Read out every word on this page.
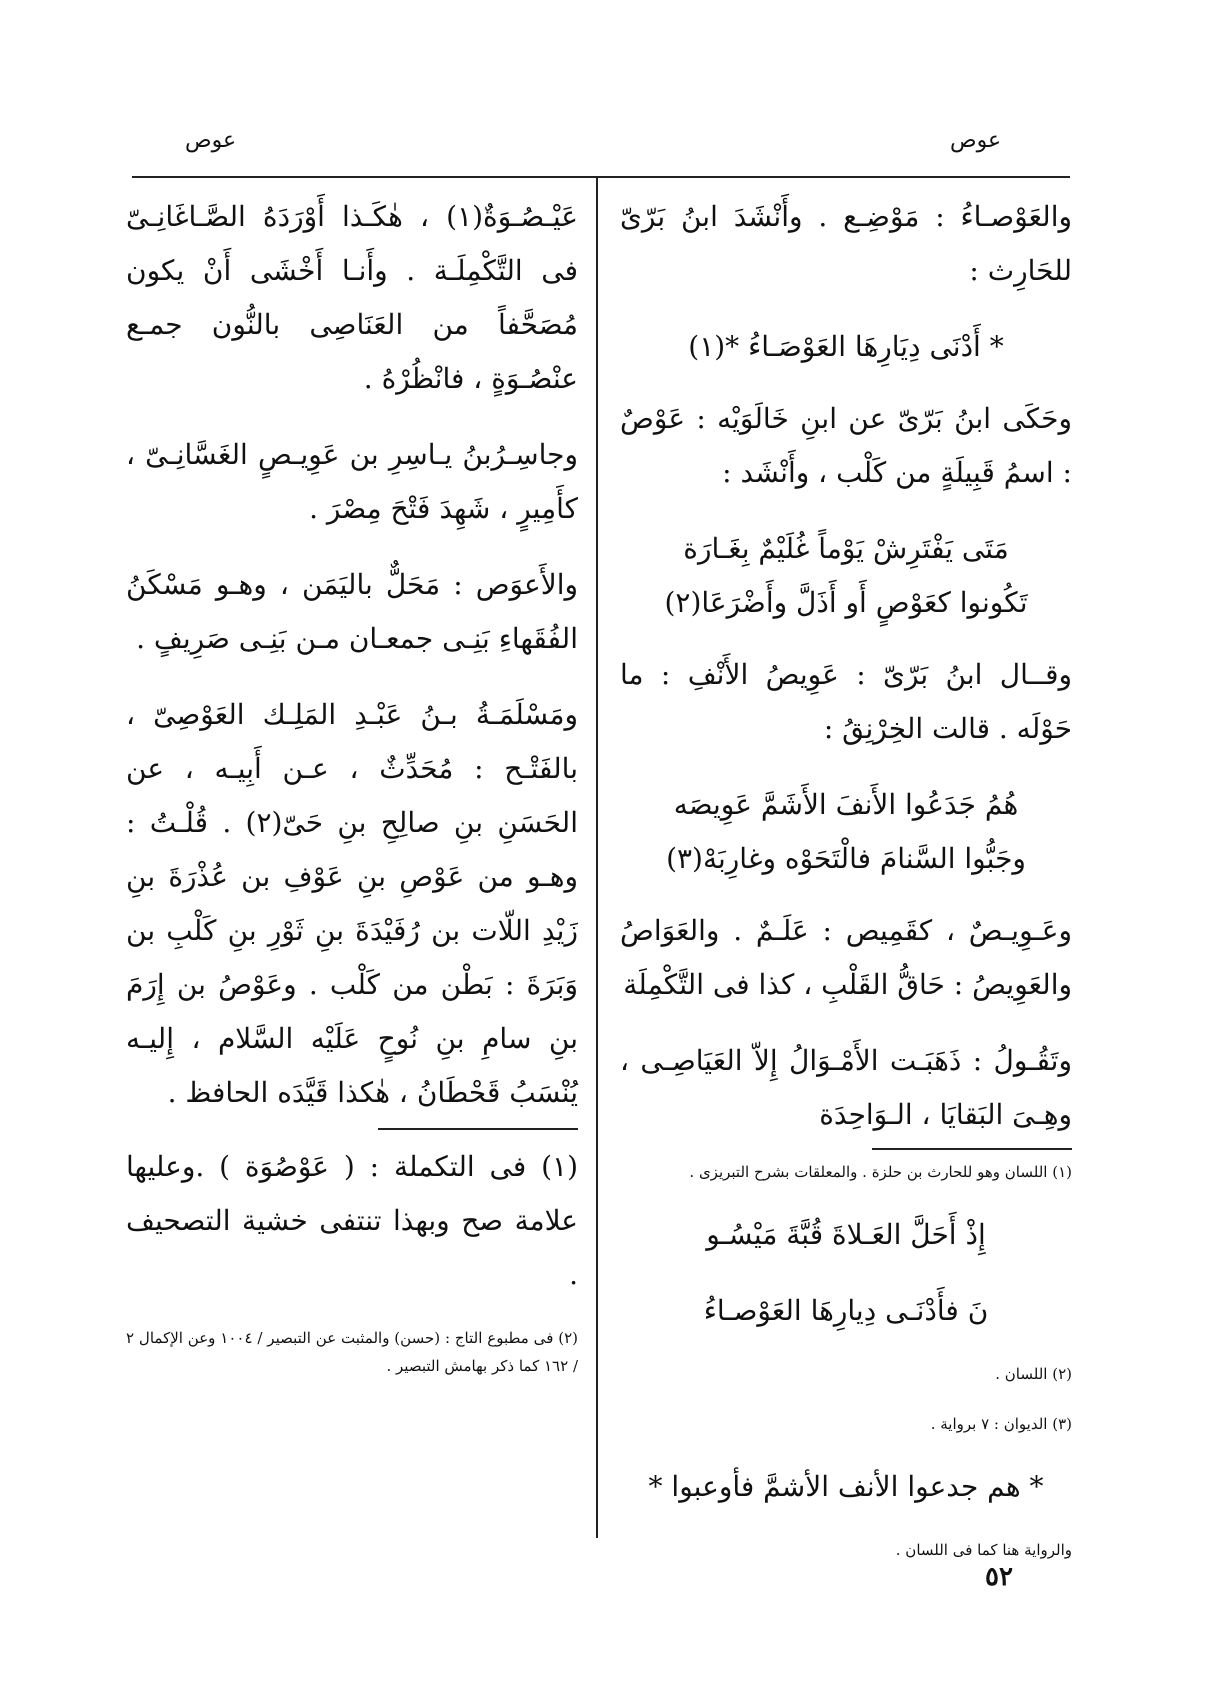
عوص
عوص

والعَوْصـاءُ : مَوْضِـع . وأَنْشَدَ ابنُ بَرّىّ للحَارِث :

* أَدْنَى دِيَارِهَا العَوْصَـاءُ *(١)

وحَكَى ابنُ بَرّىّ عن ابنِ خَالَوَيْه : عَوْصٌ : اسمُ قَبِيلَةٍ من كَلْب ، وأَنْشَد :

مَتَى يَفْتَرِشْ يَوْماً غُلَيْمٌ بِغَـارَة

تَكُونوا كعَوْصٍ أَو أَذَلَّ وأَضْرَعَا(٢)

وقــال ابنُ بَرّىّ : عَوِيصُ الأَنْفِ : ما حَوْلَه . قالت الخِرْنِقُ :

هُمُ جَدَعُوا الأَنفَ الأَشَمَّ عَوِيصَه

وجَبُّوا السَّنامَ فالْتَحَوْه وغارِبَهْ(٣)

وعَـوِيـصٌ ، كقَمِيص : عَلَـمٌ . والعَوَاصُ والعَوِيصُ : حَاقُّ القَلْبِ ، كذا فى التَّكْمِلَة

وتَقُـولُ : ذَهَبَـت الأَمْـوَالُ إِلاّ العَيَاصِـى ، وهِـىَ البَقايَا ، الـوَاحِدَة

(١) اللسان وهو للحارث بن حلزة . والمعلقات بشرح التبريزى .

إِذْ أَحَلَّ العَـلاةَ قُبَّةَ مَيْسُـو

نَ فأَدْنَـى دِيارِهَا العَوْصـاءُ

(٢) اللسان .

(٣) الديوان : ٧ برواية .

* هم جدعوا الأنف الأشمَّ فأوعبوا *

والرواية هنا كما فى اللسان .

عَيْـصُـوَةٌ(١) ، هٰكَـذا أَوْرَدَهُ الصَّـاغَانِـىّ فى التَّكْمِلَـة . وأَنـا أَخْشَى أَنْ يكون مُصَحَّفاً من العَنَاصِى بالنُّون جمـع عنْصُـوَةٍ ، فانْظُرْهُ .

وجاسِـرُبنُ يـاسِرِ بن عَوِيـصٍ الغَسَّانِـىّ ، كأَمِيرٍ ، شَهِدَ فَتْحَ مِصْرَ .

والأَعوَص : مَحَلٌّ باليَمَن ، وهـو مَسْكَنُ الفُقَهاءِ بَنِـى جمعـان مـن بَنِـى صَرِيفٍ .

ومَسْلَمَـةُ بـنُ عَبْـدِ المَلِـك العَوْصِىّ ، بالفَتْـح : مُحَدِّثٌ ، عـن أَبِيـه ، عن الحَسَنِ بنِ صالِحِ بنِ حَىّ(٢) . قُلْـتُ : وهـو من عَوْصِ بنِ عَوْفِ بن عُذْرَةَ بنِ زَيْدِ اللّات بن رُفَيْدَةَ بنِ ثَوْرِ بنِ كَلْبِ بن وَبَرَةَ : بَطْن من كَلْب . وعَوْصُ بن إِرَمَ بنِ سامِ بنِ نُوحٍ عَلَيْه السَّلام ، إِليـه يُنْسَبُ قَحْطَانُ ، هٰكذا قَيَّدَه الحافظ .

(١) فى التكملة : ( عَوْصُوَة ) .وعليها علامة صح وبهذا تنتفى خشية التصحيف .

(٢) فى مطبوع التاج : (حسن) والمثبت عن التبصير / ١٠٠٤ وعن الإكمال ٢ / ١٦٢ كما ذكر بهامش التبصير .

٥٢
